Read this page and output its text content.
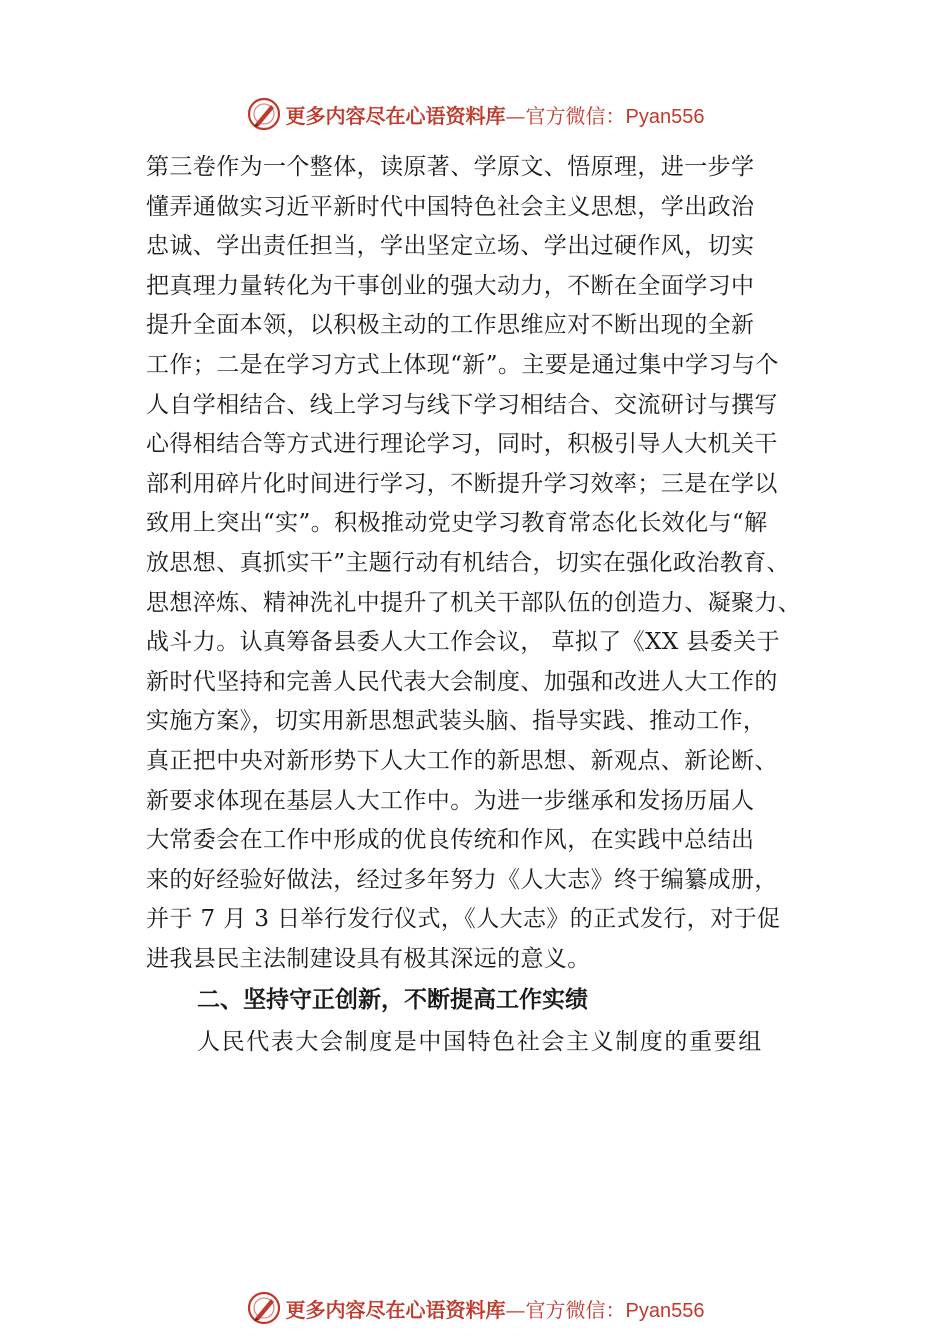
更多内容尽在心语资料库—官方微信：Pyan556
第三卷作为一个整体，读原著、学原文、悟原理，进一步学
懂弄通做实习近平新时代中国特色社会主义思想，学出政治
忠诚、学出责任担当，学出坚定立场、学出过硬作风，切实
把真理力量转化为干事创业的强大动力，不断在全面学习中
提升全面本领，以积极主动的工作思维应对不断出现的全新
工作；二是在学习方式上体现“新”。主要是通过集中学习与个
人自学相结合、线上学习与线下学习相结合、交流研讨与撰写
心得相结合等方式进行理论学习，同时，积极引导人大机关干
部利用碎片化时间进行学习，不断提升学习效率；三是在学以
致用上突出“实”。积极推动党史学习教育常态化长效化与“解
放思想、真抓实干”主题行动有机结合，切实在强化政治教育、
思想淬炼、精神洗礼中提升了机关干部队伍的创造力、凝聚力、
战斗力。认真筹备县委人大工作会议， 草拟了《XX 县委关于
新时代坚持和完善人民代表大会制度、加强和改进人大工作的
实施方案》，切实用新思想武装头脑、指导实践、推动工作，
真正把中央对新形势下人大工作的新思想、新观点、新论断、
新要求体现在基层人大工作中。为进一步继承和发扬历届人
大常委会在工作中形成的优良传统和作风，在实践中总结出
来的好经验好做法，经过多年努力《人大志》终于编纂成册，
并于 7 月 3 日举行发行仪式，《人大志》的正式发行，对于促
进我县民主法制建设具有极其深远的意义。
二、坚持守正创新，不断提高工作实绩
人民代表大会制度是中国特色社会主义制度的重要组
更多内容尽在心语资料库—官方微信：Pyan556
